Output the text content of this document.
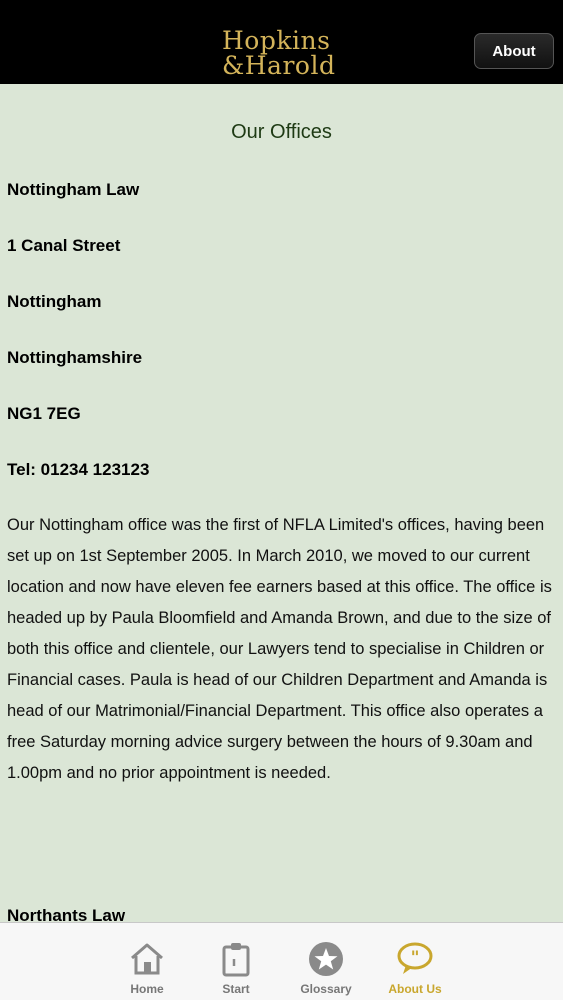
Hopkins
&Harold	About
Our Offices
Nottingham Law
1 Canal Street
Nottingham
Nottinghamshire
NG1 7EG
Tel: 01234 123123
Our Nottingham office was the first of NFLA Limited's offices, having been set up on 1st September 2005. In March 2010, we moved to our current location and now have eleven fee earners based at this office. The office is headed up by Paula Bloomfield and Amanda Brown, and due to the size of both this office and clientele, our Lawyers tend to specialise in Children or Financial cases. Paula is head of our Children Department and Amanda is head of our Matrimonial/Financial Department. This office also operates a free Saturday morning advice surgery between the hours of 9.30am and 1.00pm and no prior appointment is needed.
Northants Law
Home	Start	Glossary
"
About Us
